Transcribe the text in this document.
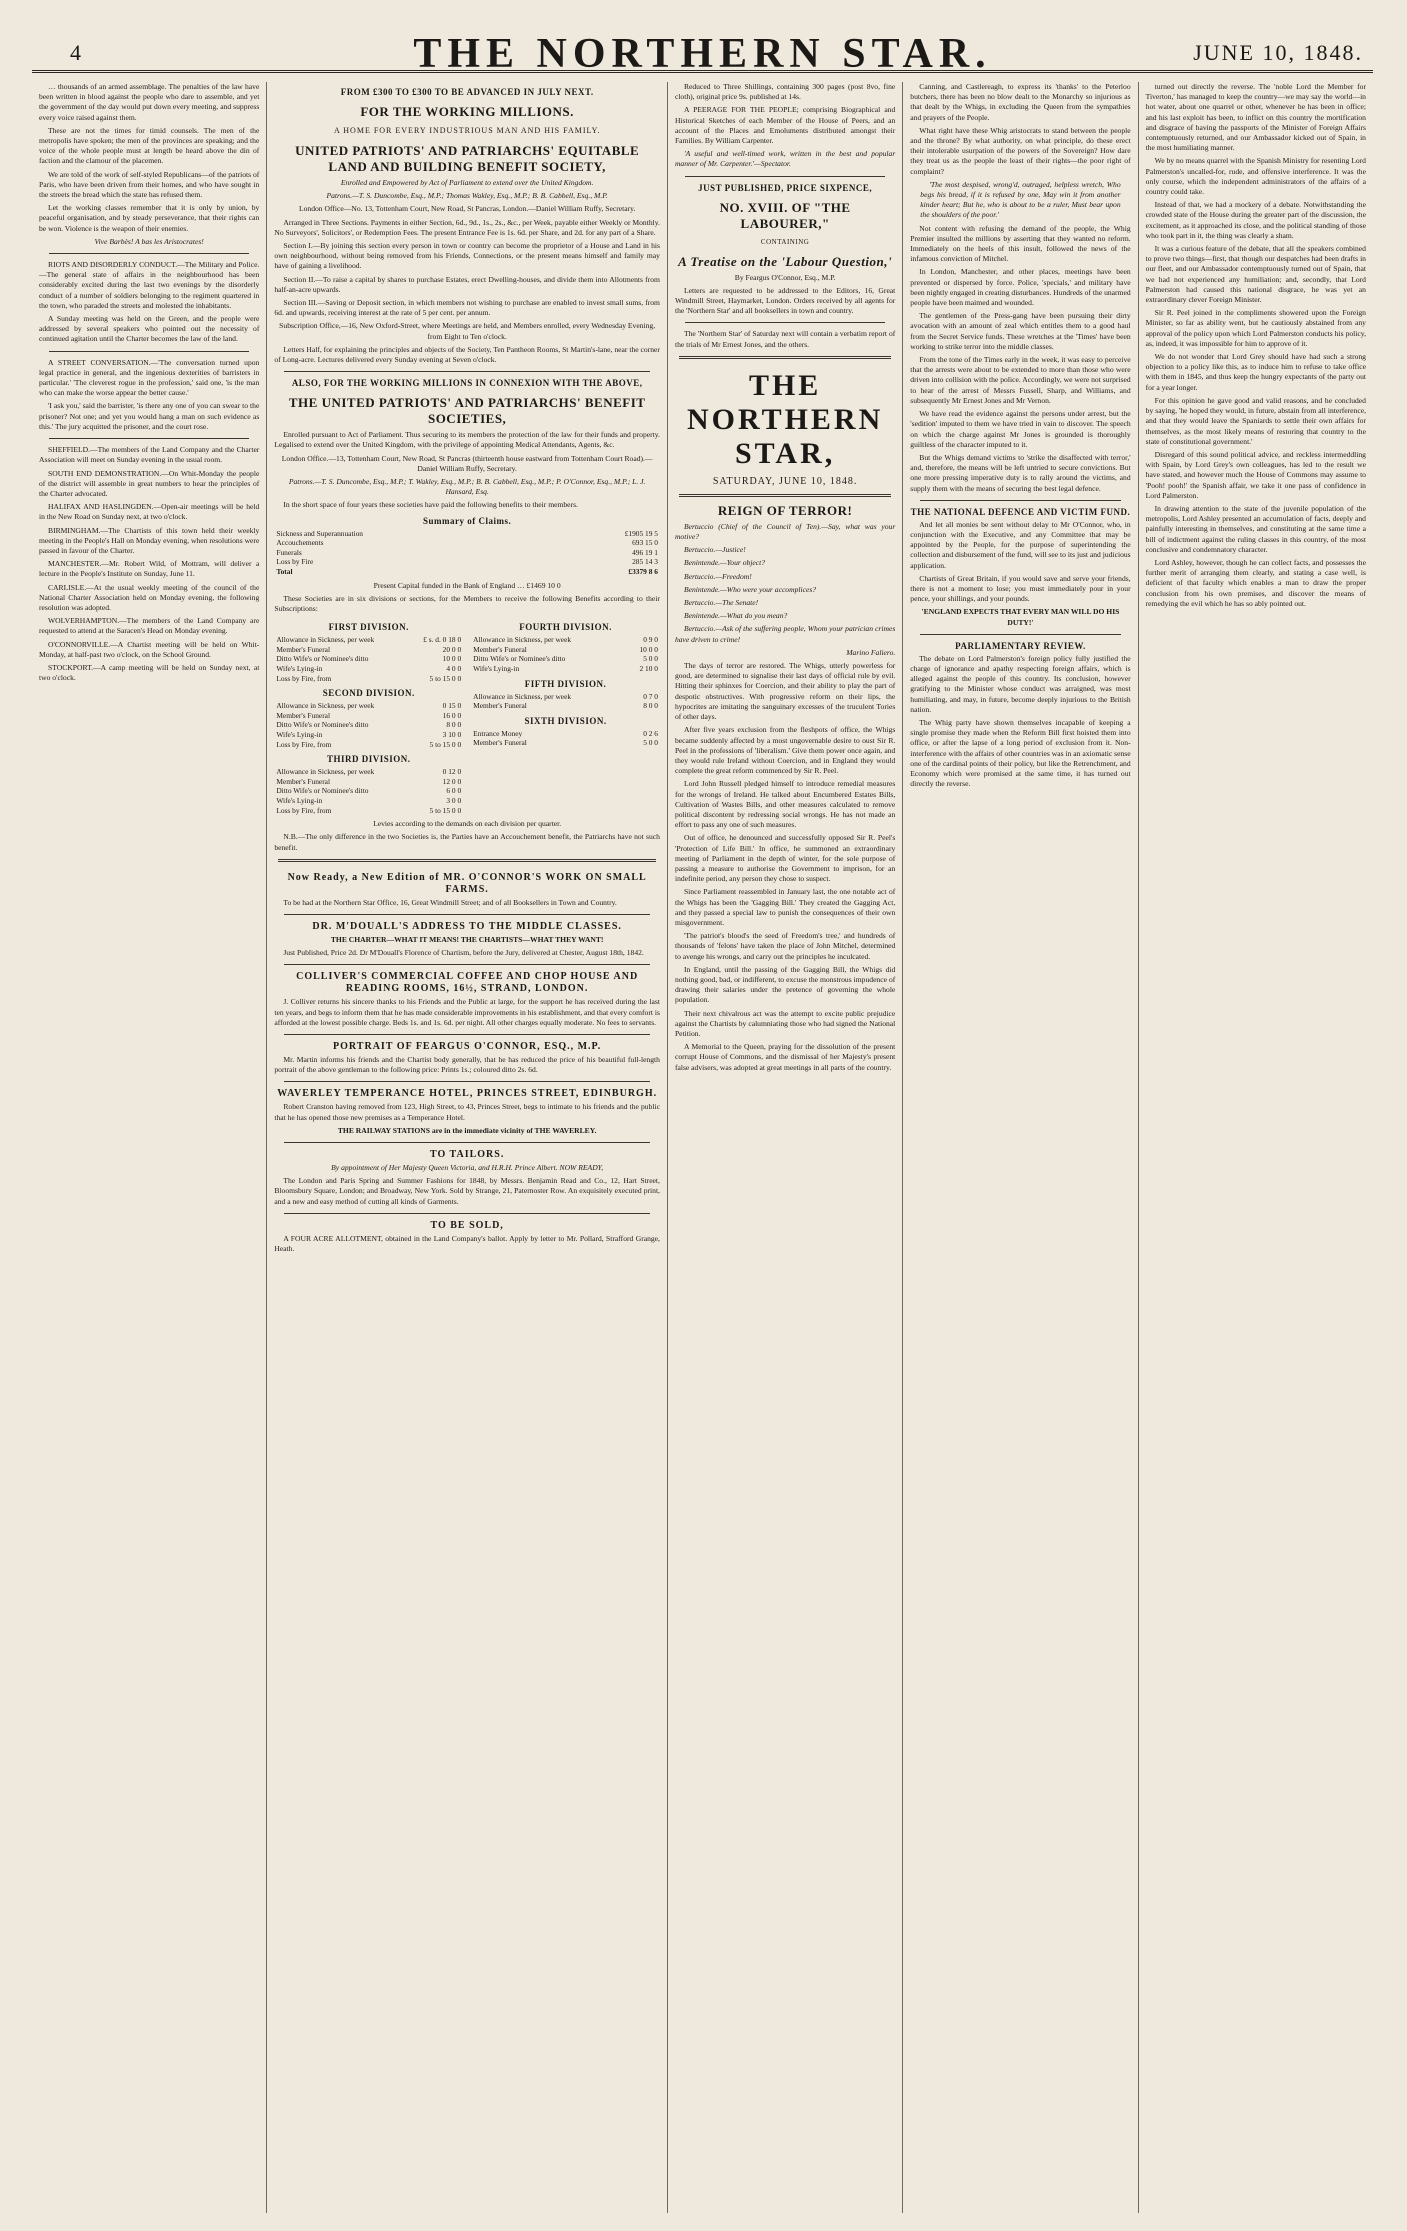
4	THE NORTHERN STAR.	JUNE 10, 1848.

… thousands of an armed assemblage. The penalties of the law have been written in blood against the people who dare to assemble, and yet the government of the day would put down every meeting, and suppress every voice raised against them.

These are not the times for timid counsels. The men of the metropolis have spoken; the men of the provinces are speaking; and the voice of the whole people must at length be heard above the din of faction and the clamour of the placemen.

We are told of the work of self-styled Republicans—of the patriots of Paris, who have been driven from their homes, and who have sought in the streets the bread which the state has refused them.

Let the working classes remember that it is only by union, by peaceful organisation, and by steady perseverance, that their rights can be won. Violence is the weapon of their enemies.

Vive Barbès! A bas les Aristocrates!

RIOTS AND DISORDERLY CONDUCT.—The Military and Police.—The general state of affairs in the neighbourhood has been considerably excited during the last two evenings by the disorderly conduct of a number of soldiers belonging to the regiment quartered in the town, who paraded the streets and molested the inhabitants.

A Sunday meeting was held on the Green, and the people were addressed by several speakers who pointed out the necessity of continued agitation until the Charter becomes the law of the land.

A STREET CONVERSATION.—'The conversation turned upon legal practice in general, and the ingenious dexterities of barristers in particular.' 'The cleverest rogue in the profession,' said one, 'is the man who can make the worse appear the better cause.'

'I ask you,' said the barrister, 'is there any one of you can swear to the prisoner? Not one; and yet you would hang a man on such evidence as this.' The jury acquitted the prisoner, and the court rose.

SHEFFIELD.—The members of the Land Company and the Charter Association will meet on Sunday evening in the usual room.

SOUTH END DEMONSTRATION.—On Whit-Monday the people of the district will assemble in great numbers to hear the principles of the Charter advocated.

HALIFAX AND HASLINGDEN.—Open-air meetings will be held in the New Road on Sunday next, at two o'clock.

BIRMINGHAM.—The Chartists of this town held their weekly meeting in the People's Hall on Monday evening, when resolutions were passed in favour of the Charter.

MANCHESTER.—Mr. Robert Wild, of Mottram, will deliver a lecture in the People's Institute on Sunday, June 11.

CARLISLE.—At the usual weekly meeting of the council of the National Charter Association held on Monday evening, the following resolution was adopted.

WOLVERHAMPTON.—The members of the Land Company are requested to attend at the Saracen's Head on Monday evening.

O'CONNORVILLE.—A Chartist meeting will be held on Whit-Monday, at half-past two o'clock, on the School Ground.

STOCKPORT.—A camp meeting will be held on Sunday next, at two o'clock.

FROM £300 TO £300 TO BE ADVANCED IN JULY NEXT.
FOR THE WORKING MILLIONS.
A HOME FOR EVERY INDUSTRIOUS MAN AND HIS FAMILY.
UNITED PATRIOTS' AND PATRIARCHS' EQUITABLE LAND AND BUILDING BENEFIT SOCIETY,

Enrolled and Empowered by Act of Parliament to extend over the United Kingdom.

Patrons.—T. S. Duncombe, Esq., M.P.; Thomas Wakley, Esq., M.P.; B. B. Cabbell, Esq., M.P.

London Office—No. 13, Tottenham Court, New Road, St Pancras, London.—Daniel William Ruffy, Secretary.

Arranged in Three Sections. Payments in either Section, 6d., 9d., 1s., 2s., &c., per Week, payable either Weekly or Monthly. No Surveyors', Solicitors', or Redemption Fees. The present Entrance Fee is 1s. 6d. per Share, and 2d. for any part of a Share.

Section I.—By joining this section every person in town or country can become the proprietor of a House and Land in his own neighbourhood, without being removed from his Friends, Connections, or the present means himself and family may have of gaining a livelihood.

Section II.—To raise a capital by shares to purchase Estates, erect Dwelling-houses, and divide them into Allotments from half-an-acre upwards.

Section III.—Saving or Deposit section, in which members not wishing to purchase are enabled to invest small sums, from 6d. and upwards, receiving interest at the rate of 5 per cent. per annum.

Subscription Office,—16, New Oxford-Street, where Meetings are held, and Members enrolled, every Wednesday Evening, from Eight to Ten o'clock.

Letters Half, for explaining the principles and objects of the Society, Ten Pantheon Rooms, St Martin's-lane, near the corner of Long-acre. Lectures delivered every Sunday evening at Seven o'clock.

ALSO, FOR THE WORKING MILLIONS IN CONNEXION WITH THE ABOVE,
THE UNITED PATRIOTS' AND PATRIARCHS' BENEFIT SOCIETIES,

Enrolled pursuant to Act of Parliament. Thus securing to its members the protection of the law for their funds and property. Legalised to extend over the United Kingdom, with the privilege of appointing Medical Attendants, Agents, &c.

London Office.—13, Tottenham Court, New Road, St Pancras (thirteenth house eastward from Tottenham Court Road).—Daniel William Ruffy, Secretary.

Patrons.—T. S. Duncombe, Esq., M.P.; T. Wakley, Esq., M.P.; B. B. Cabbell, Esq., M.P.; P. O'Connor, Esq., M.P.; L. J. Hansard, Esq.

In the short space of four years these societies have paid the following benefits to their members.

Summary of Claims.
Sickness and Superannuation	£1905 19 5
Accouchements	693 15 0
Funerals	496 19 1
Loss by Fire	285 14 3
Total	£3379 8 6

Present Capital funded in the Bank of England … £1469 10 0

These Societies are in six divisions or sections, for the Members to receive the following Benefits according to their Subscriptions:

FIRST DIVISION.
Allowance in Sickness, per week	£ s. d. 0 18 0
Member's Funeral	20 0 0
Ditto Wife's or Nominee's ditto	10 0 0
Wife's Lying-in	4 0 0
Loss by Fire, from	5 to 15 0 0
SECOND DIVISION.
Allowance in Sickness, per week	0 15 0
Member's Funeral	16 0 0
Ditto Wife's or Nominee's ditto	8 0 0
Wife's Lying-in	3 10 0
Loss by Fire, from	5 to 15 0 0
THIRD DIVISION.
Allowance in Sickness, per week	0 12 0
Member's Funeral	12 0 0
Ditto Wife's or Nominee's ditto	6 0 0
Wife's Lying-in	3 0 0
Loss by Fire, from	5 to 15 0 0
FOURTH DIVISION.
Allowance in Sickness, per week	0 9 0
Member's Funeral	10 0 0
Ditto Wife's or Nominee's ditto	5 0 0
Wife's Lying-in	2 10 0
FIFTH DIVISION.
Allowance in Sickness, per week	0 7 0
Member's Funeral	8 0 0
SIXTH DIVISION.
Entrance Money	0 2 6
Member's Funeral	5 0 0

Levies according to the demands on each division per quarter.

N.B.—The only difference in the two Societies is, the Parties have an Accouchement benefit, the Patriarchs have not such benefit.

Now Ready, a New Edition of MR. O'CONNOR'S WORK ON SMALL FARMS.

To be had at the Northern Star Office, 16, Great Windmill Street; and of all Booksellers in Town and Country.

DR. M'DOUALL'S ADDRESS TO THE MIDDLE CLASSES.

THE CHARTER—WHAT IT MEANS! THE CHARTISTS—WHAT THEY WANT!

Just Published, Price 2d. Dr M'Douall's Florence of Chartism, before the Jury, delivered at Chester, August 18th, 1842.

COLLIVER'S COMMERCIAL COFFEE AND CHOP HOUSE AND READING ROOMS, 16½, STRAND, LONDON.

J. Colliver returns his sincere thanks to his Friends and the Public at large, for the support he has received during the last ten years, and begs to inform them that he has made considerable improvements in his establishment, and that every comfort is afforded at the lowest possible charge. Beds 1s. and 1s. 6d. per night. All other charges equally moderate. No fees to servants.

PORTRAIT OF FEARGUS O'CONNOR, ESQ., M.P.

Mr. Martin informs his friends and the Chartist body generally, that he has reduced the price of his beautiful full-length portrait of the above gentleman to the following price: Prints 1s.; coloured ditto 2s. 6d.

WAVERLEY TEMPERANCE HOTEL, PRINCES STREET, EDINBURGH.

Robert Cranston having removed from 123, High Street, to 43, Princes Street, begs to intimate to his friends and the public that he has opened those new premises as a Temperance Hotel.

THE RAILWAY STATIONS are in the immediate vicinity of THE WAVERLEY.

TO TAILORS.

By appointment of Her Majesty Queen Victoria, and H.R.H. Prince Albert. NOW READY,

The London and Paris Spring and Summer Fashions for 1848, by Messrs. Benjamin Read and Co., 12, Hart Street, Bloomsbury Square, London; and Broadway, New York. Sold by Strange, 21, Paternoster Row. An exquisitely executed print, and a new and easy method of cutting all kinds of Garments.

TO BE SOLD,

A FOUR ACRE ALLOTMENT, obtained in the Land Company's ballot. Apply by letter to Mr. Pollard, Strafford Grange, Heath.

Reduced to Three Shillings, containing 300 pages (post 8vo, fine cloth), original price 9s. published at 14s.

A PEERAGE FOR THE PEOPLE; comprising Biographical and Historical Sketches of each Member of the House of Peers, and an account of the Places and Emoluments distributed amongst their Families. By William Carpenter.

'A useful and well-timed work, written in the best and popular manner of Mr. Carpenter.'—Spectator.

JUST PUBLISHED, PRICE SIXPENCE,
NO. XVIII. OF "THE LABOURER,"
CONTAINING
A Treatise on the 'Labour Question,'

By Feargus O'Connor, Esq., M.P.

Letters are requested to be addressed to the Editors, 16, Great Windmill Street, Haymarket, London. Orders received by all agents for the 'Northern Star' and all booksellers in town and country.

The 'Northern Star' of Saturday next will contain a verbatim report of the trials of Mr Ernest Jones, and the others.

THE NORTHERN STAR,
SATURDAY, JUNE 10, 1848.
REIGN OF TERROR!

Bertuccio (Chief of the Council of Ten).—Say, what was your motive?

Bertuccio.—Justice!

Benintende.—Your object?

Bertuccio.—Freedom!

Benintende.—Who were your accomplices?

Bertuccio.—The Senate!

Benintende.—What do you mean?

Bertuccio.—Ask of the suffering people, Whom your patrician crimes have driven to crime!

Marino Faliero.

The days of terror are restored. The Whigs, utterly powerless for good, are determined to signalise their last days of official rule by evil. Hitting their sphinxes for Coercion, and their ability to play the part of despotic obstructives. With progressive reform on their lips, the hypocrites are imitating the sanguinary excesses of the truculent Tories of other days.

After five years exclusion from the fleshpots of office, the Whigs became suddenly affected by a most ungovernable desire to oust Sir R. Peel in the professions of 'liberalism.' Give them power once again, and they would rule Ireland without Coercion, and in England they would complete the great reform commenced by Sir R. Peel.

Lord John Russell pledged himself to introduce remedial measures for the wrongs of Ireland. He talked about Encumbered Estates Bills, Cultivation of Wastes Bills, and other measures calculated to remove political discontent by redressing social wrongs. He has not made an effort to pass any one of such measures.

Out of office, he denounced and successfully opposed Sir R. Peel's 'Protection of Life Bill.' In office, he summoned an extraordinary meeting of Parliament in the depth of winter, for the sole purpose of passing a measure to authorise the Government to imprison, for an indefinite period, any person they chose to suspect.

Since Parliament reassembled in January last, the one notable act of the Whigs has been the 'Gagging Bill.' They created the Gagging Act, and they passed a special law to punish the consequences of their own misgovernment.

'The patriot's blood's the seed of Freedom's tree,' and hundreds of thousands of 'felons' have taken the place of John Mitchel, determined to avenge his wrongs, and carry out the principles he inculcated.

In England, until the passing of the Gagging Bill, the Whigs did nothing good, bad, or indifferent, to excuse the monstrous impudence of drawing their salaries under the pretence of governing the whole population.

Their next chivalrous act was the attempt to excite public prejudice against the Chartists by calumniating those who had signed the National Petition.

A Memorial to the Queen, praying for the dissolution of the present corrupt House of Commons, and the dismissal of her Majesty's present false advisers, was adopted at great meetings in all parts of the country.

Canning, and Castlereagh, to express its 'thanks' to the Peterloo butchers, there has been no blow dealt to the Monarchy so injurious as that dealt by the Whigs, in excluding the Queen from the sympathies and prayers of the People.

What right have these Whig aristocrats to stand between the people and the throne? By what authority, on what principle, do these erect their intolerable usurpation of the powers of the Sovereign? How dare they treat us as the people the least of their rights—the poor right of complaint?

'The most despised, wrong'd, outraged, helpless wretch, Who begs his bread, if it is refused by one, May win it from another kinder heart; But he, who is about to be a ruler, Must bear upon the shoulders of the poor.'

Not content with refusing the demand of the people, the Whig Premier insulted the millions by asserting that they wanted no reform. Immediately on the heels of this insult, followed the news of the infamous conviction of Mitchel.

In London, Manchester, and other places, meetings have been prevented or dispersed by force. Police, 'specials,' and military have been nightly engaged in creating disturbances. Hundreds of the unarmed people have been maimed and wounded.

The gentlemen of the Press-gang have been pursuing their dirty avocation with an amount of zeal which entitles them to a good haul from the Secret Service funds. These wretches at the 'Times' have been working to strike terror into the middle classes.

From the tone of the Times early in the week, it was easy to perceive that the arrests were about to be extended to more than those who were driven into collision with the police. Accordingly, we were not surprised to hear of the arrest of Messrs Fussell, Sharp, and Williams, and subsequently Mr Ernest Jones and Mr Vernon.

We have read the evidence against the persons under arrest, but the 'sedition' imputed to them we have tried in vain to discover. The speech on which the charge against Mr Jones is grounded is thoroughly guiltless of the character imputed to it.

But the Whigs demand victims to 'strike the disaffected with terror,' and, therefore, the means will be left untried to secure convictions. But one more pressing imperative duty is to rally around the victims, and supply them with the means of securing the best legal defence.

THE NATIONAL DEFENCE AND VICTIM FUND.

And let all monies be sent without delay to Mr O'Connor, who, in conjunction with the Executive, and any Committee that may be appointed by the People, for the purpose of superintending the collection and disbursement of the fund, will see to its just and judicious application.

Chartists of Great Britain, if you would save and serve your friends, there is not a moment to lose; you must immediately pour in your pence, your shillings, and your pounds.

'ENGLAND EXPECTS THAT EVERY MAN WILL DO HIS DUTY!'

PARLIAMENTARY REVIEW.

The debate on Lord Palmerston's foreign policy fully justified the charge of ignorance and apathy respecting foreign affairs, which is alleged against the people of this country. Its conclusion, however gratifying to the Minister whose conduct was arraigned, was most humiliating, and may, in future, become deeply injurious to the British nation.

The Whig party have shown themselves incapable of keeping a single promise they made when the Reform Bill first hoisted them into office, or after the lapse of a long period of exclusion from it. Non-interference with the affairs of other countries was in an axiomatic sense one of the cardinal points of their policy, but like the Retrenchment, and Economy which were promised at the same time, it has turned out directly the reverse.

turned out directly the reverse. The 'noble Lord the Member for Tiverton,' has managed to keep the country—we may say the world—in hot water, about one quarrel or other, whenever he has been in office; and his last exploit has been, to inflict on this country the mortification and disgrace of having the passports of the Minister of Foreign Affairs contemptuously returned, and our Ambassador kicked out of Spain, in the most humiliating manner.

We by no means quarrel with the Spanish Ministry for resenting Lord Palmerston's uncalled-for, rude, and offensive interference. It was the only course, which the independent administrators of the affairs of a country could take.

Instead of that, we had a mockery of a debate. Notwithstanding the crowded state of the House during the greater part of the discussion, the excitement, as it approached its close, and the political standing of those who took part in it, the thing was clearly a sham.

It was a curious feature of the debate, that all the speakers combined to prove two things—first, that though our despatches had been drafts in our fleet, and our Ambassador contemptuously turned out of Spain, that we had not experienced any humiliation; and, secondly, that Lord Palmerston had caused this national disgrace, he was yet an extraordinary clever Foreign Minister.

Sir R. Peel joined in the compliments showered upon the Foreign Minister, so far as ability went, but he cautiously abstained from any approval of the policy upon which Lord Palmerston conducts his policy, as, indeed, it was impossible for him to approve of it.

We do not wonder that Lord Grey should have had such a strong objection to a policy like this, as to induce him to refuse to take office with them in 1845, and thus keep the hungry expectants of the party out for a year longer.

For this opinion he gave good and valid reasons, and he concluded by saying, 'he hoped they would, in future, abstain from all interference, and that they would leave the Spaniards to settle their own affairs for themselves, as the most likely means of restoring that country to the state of constitutional government.'

Disregard of this sound political advice, and reckless intermeddling with Spain, by Lord Grey's own colleagues, has led to the result we have stated, and however much the House of Commons may assume to 'Pooh! pooh!' the Spanish affair, we take it one pass of confidence in Lord Palmerston.

In drawing attention to the state of the juvenile population of the metropolis, Lord Ashley presented an accumulation of facts, deeply and painfully interesting in themselves, and constituting at the same time a bill of indictment against the ruling classes in this country, of the most conclusive and condemnatory character.

Lord Ashley, however, though he can collect facts, and possesses the further merit of arranging them clearly, and stating a case well, is deficient of that faculty which enables a man to draw the proper conclusion from his own premises, and discover the means of remedying the evil which he has so ably pointed out.
